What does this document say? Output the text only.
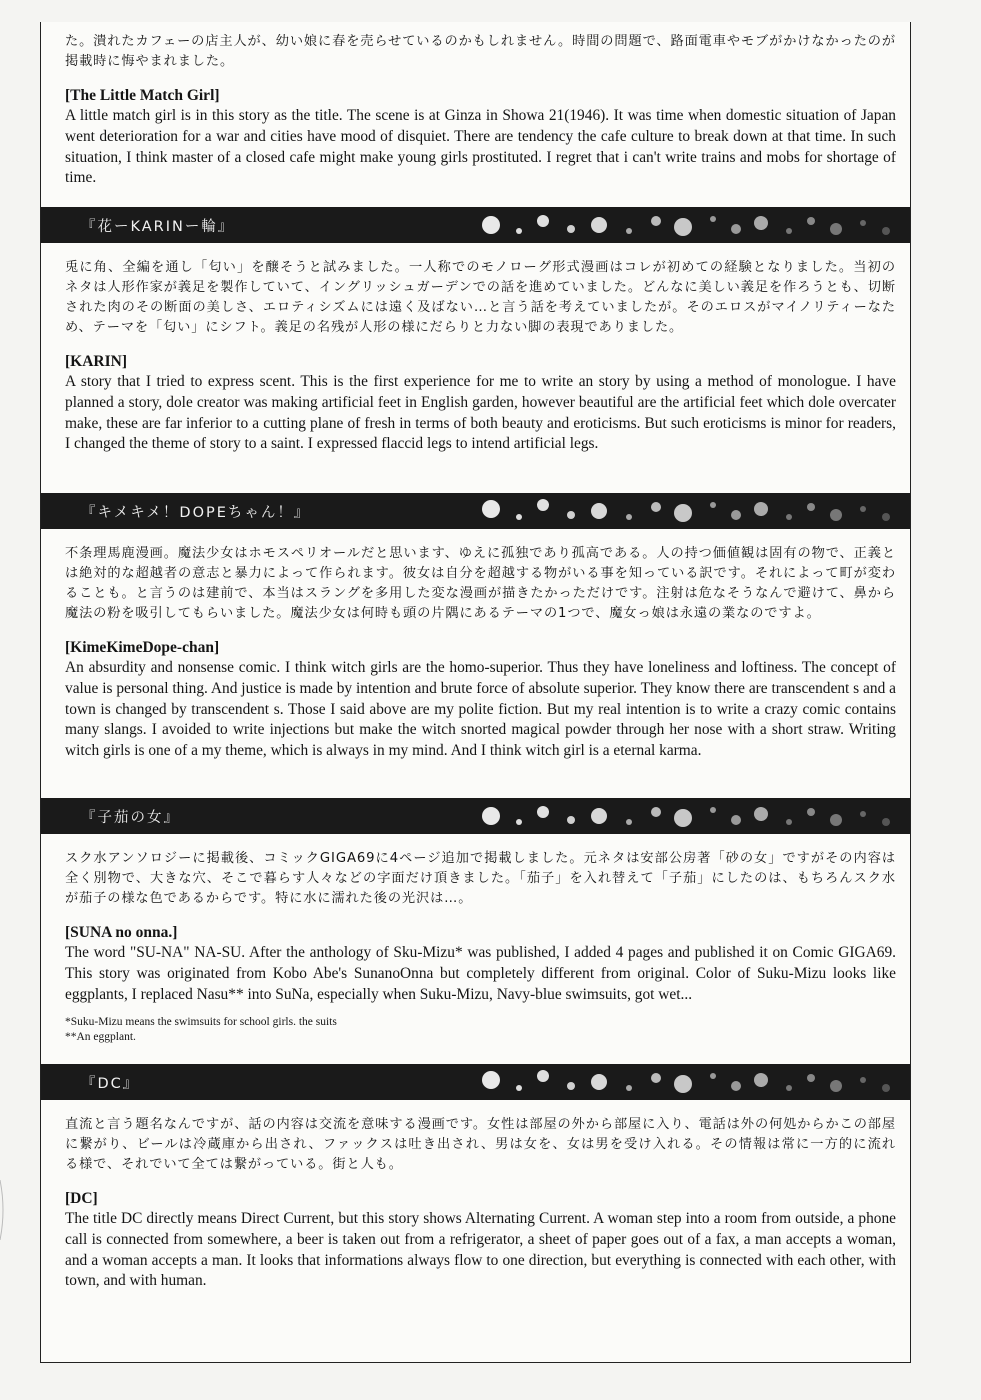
た。潰れたカフェーの店主人が、幼い娘に春を売らせているのかもしれません。時間の問題で、路面電車やモブがかけなかったのが掲載時に悔やまれました。

[The Little Match Girl]

A little match girl is in this story as the title. The scene is at Ginza in Showa 21(1946). It was time when domestic situation of Japan went deterioration for a war and cities have mood of disquiet. There are tendency the cafe culture to break down at that time. In such situation, I think master of a closed cafe might make young girls prostituted. I regret that i can't write trains and mobs for shortage of time.

『花ーKARINー輪』

兎に角、全編を通し「匂い」を醸そうと試みました。一人称でのモノローグ形式漫画はコレが初めての経験となりました。当初のネタは人形作家が義足を製作していて、イングリッシュガーデンでの話を進めていました。どんなに美しい義足を作ろうとも、切断された肉のその断面の美しさ、エロティシズムには遠く及ばない…と言う話を考えていましたが。そのエロスがマイノリティーなため、テーマを「匂い」にシフト。義足の名残が人形の様にだらりと力ない脚の表現でありました。

[KARIN]

A story that I tried to express scent. This is the first experience for me to write an story by using a method of monologue. I have planned a story, dole creator was making artificial feet in English garden, however beautiful are the artificial feet which dole overcater make, these are far inferior to a cutting plane of fresh in terms of both beauty and eroticisms. But such eroticisms is minor for readers, I changed the theme of story to a saint. I expressed flaccid legs to intend artificial legs.

『キメキメ！DOPEちゃん！』

不条理馬鹿漫画。魔法少女はホモスペリオールだと思います、ゆえに孤独であり孤高である。人の持つ価値観は固有の物で、正義とは絶対的な超越者の意志と暴力によって作られます。彼女は自分を超越する物がいる事を知っている訳です。それによって町が変わることも。と言うのは建前で、本当はスラングを多用した変な漫画が描きたかっただけです。注射は危なそうなんで避けて、鼻から魔法の粉を吸引してもらいました。魔法少女は何時も頭の片隅にあるテーマの1つで、魔女っ娘は永遠の業なのですよ。

[KimeKimeDope-chan]

An absurdity and nonsense comic. I think witch girls are the homo-superior. Thus they have loneliness and loftiness. The concept of value is personal thing. And justice is made by intention and brute force of absolute superior. They know there are transcendent s and a town is changed by transcendent s. Those I said above are my polite fiction. But my real intention is to write a crazy comic contains many slangs. I avoided to write injections but make the witch snorted magical powder through her nose with a short straw. Writing witch girls is one of a my theme, which is always in my mind. And I think witch girl is a eternal karma.

『子茄の女』

スク水アンソロジーに掲載後、コミックGIGA69に4ページ追加で掲載しました。元ネタは安部公房著「砂の女」ですがその内容は全く別物で、大きな穴、そこで暮らす人々などの字面だけ頂きました。「茄子」を入れ替えて「子茄」にしたのは、もちろんスク水が茄子の様な色であるからです。特に水に濡れた後の光沢は…。

[SUNA no onna.]

The word "SU-NA" NA-SU. After the anthology of Sku-Mizu* was published, I added 4 pages and published it on Comic GIGA69. This story was originated from Kobo Abe's SunanoOnna but completely different from original. Color of Suku-Mizu looks like eggplants, I replaced Nasu** into SuNa, especially when Suku-Mizu, Navy-blue swimsuits, got wet...

*Suku-Mizu means the swimsuits for school girls. the suits

**An eggplant.

『DC』

直流と言う題名なんですが、話の内容は交流を意味する漫画です。女性は部屋の外から部屋に入り、電話は外の何処からかこの部屋に繋がり、ビールは冷蔵庫から出され、ファックスは吐き出され、男は女を、女は男を受け入れる。その情報は常に一方的に流れる様で、それでいて全ては繋がっている。街と人も。

[DC]

The title DC directly means Direct Current, but this story shows Alternating Current. A woman step into a room from outside, a phone call is connected from somewhere, a beer is taken out from a refrigerator, a sheet of paper goes out of a fax, a man accepts a woman, and a woman accepts a man. It looks that informations always flow to one direction, but everything is connected with each other, with town, and with human.
